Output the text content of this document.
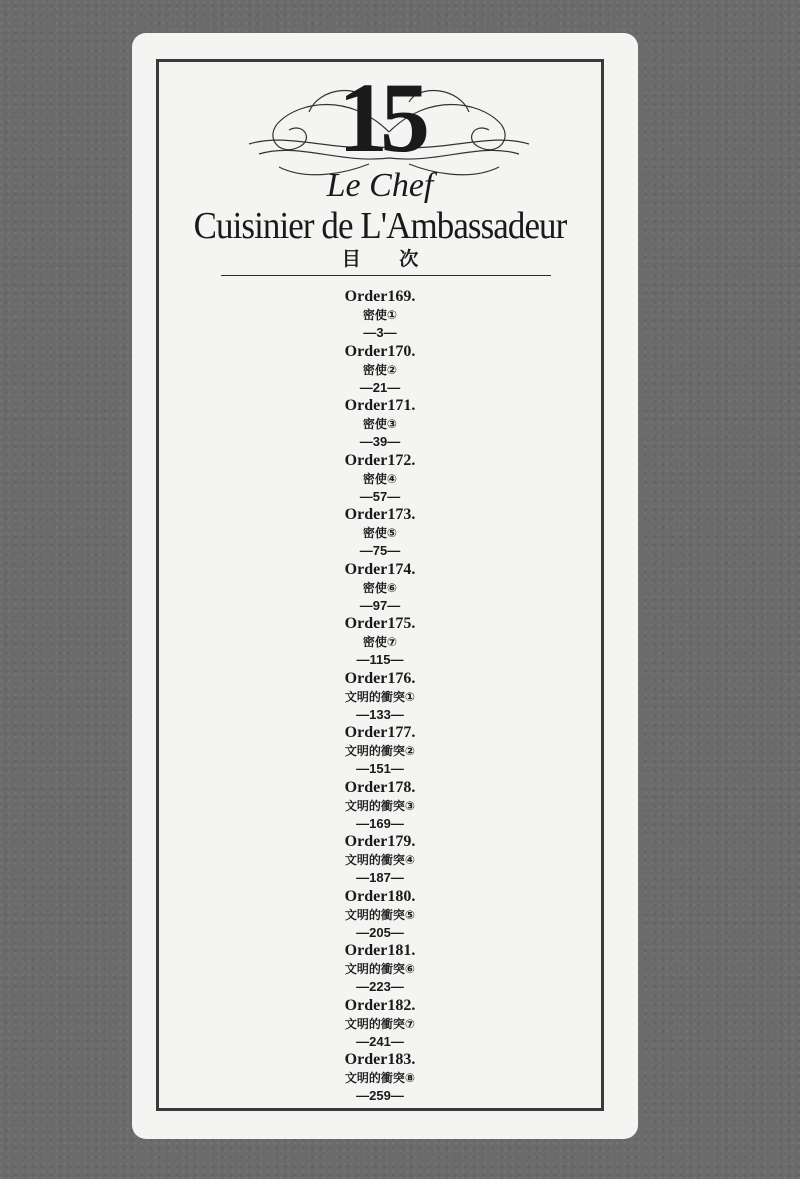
15
Le Chef
Cuisinier de L'Ambassadeur
目 次
Order169.
密使①
—3—
Order170.
密使②
—21—
Order171.
密使③
—39—
Order172.
密使④
—57—
Order173.
密使⑤
—75—
Order174.
密使⑥
—97—
Order175.
密使⑦
—115—
Order176.
文明的衝突①
—133—
Order177.
文明的衝突②
—151—
Order178.
文明的衝突③
—169—
Order179.
文明的衝突④
—187—
Order180.
文明的衝突⑤
—205—
Order181.
文明的衝突⑥
—223—
Order182.
文明的衝突⑦
—241—
Order183.
文明的衝突⑧
—259—
